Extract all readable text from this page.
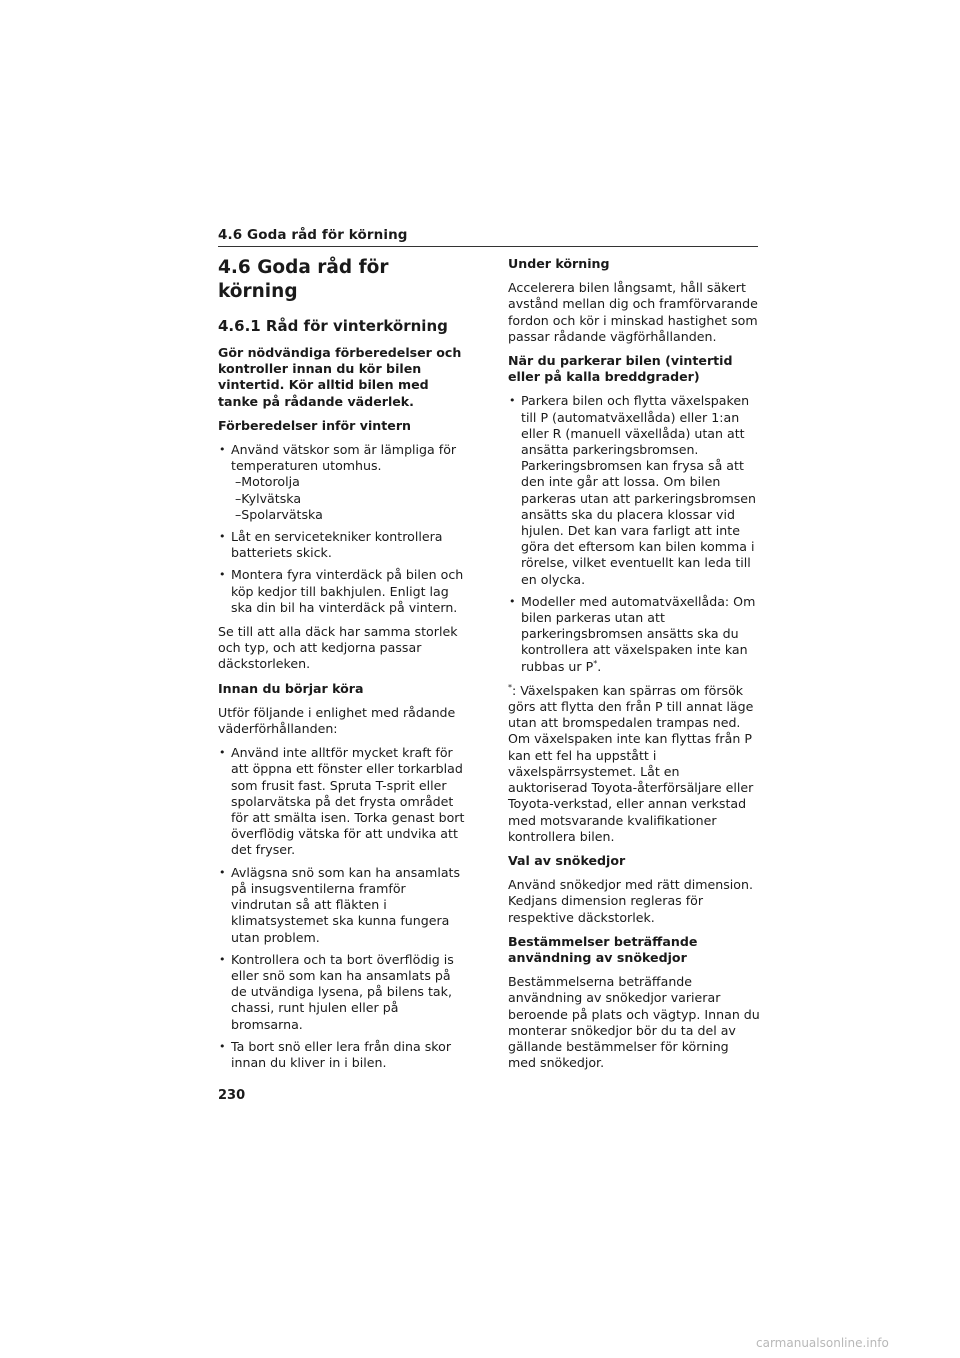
4.6 Goda råd för körning
4.6 Goda råd för körning
4.6.1 Råd för vinterkörning

Gör nödvändiga förberedelser och kontroller innan du kör bilen vintertid. Kör alltid bilen med tanke på rådande väderlek.

Förberedelser inför vintern

• Använd vätskor som är lämpliga för temperaturen utomhus.
– Motorolja
– Kylvätska
– Spolarvätska
• Låt en servicetekniker kontrollera batteriets skick.
• Montera fyra vinterdäck på bilen och köp kedjor till bakhjulen. Enligt lag ska din bil ha vinterdäck på vintern.

Se till att alla däck har samma storlek och typ, och att kedjorna passar däckstorleken.

Innan du börjar köra

Utför följande i enlighet med rådande väderförhållanden:

• Använd inte alltför mycket kraft för att öppna ett fönster eller torkarblad som frusit fast. Spruta T-sprit eller spolarvätska på det frysta området för att smälta isen. Torka genast bort överflödig vätska för att undvika att det fryser.
• Avlägsna snö som kan ha ansamlats på insugsventilerna framför vindrutan så att fläkten i klimatsystemet ska kunna fungera utan problem.
• Kontrollera och ta bort överflödig is eller snö som kan ha ansamlats på de utvändiga lysena, på bilens tak, chassi, runt hjulen eller på bromsarna.
• Ta bort snö eller lera från dina skor innan du kliver in i bilen.

Under körning

Accelerera bilen långsamt, håll säkert avstånd mellan dig och framförvarande fordon och kör i minskad hastighet som passar rådande vägförhållanden.

När du parkerar bilen (vintertid eller på kalla breddgrader)

• Parkera bilen och flytta växelspaken till P (automatväxellåda) eller 1:an eller R (manuell växellåda) utan att ansätta parkeringsbromsen. Parkeringsbromsen kan frysa så att den inte går att lossa. Om bilen parkeras utan att parkeringsbromsen ansätts ska du placera klossar vid hjulen. Det kan vara farligt att inte göra det eftersom kan bilen komma i rörelse, vilket eventuellt kan leda till en olycka.
• Modeller med automatväxellåda: Om bilen parkeras utan att parkeringsbromsen ansätts ska du kontrollera att växelspaken inte kan rubbas ur P*.

*: Växelspaken kan spärras om försök görs att flytta den från P till annat läge utan att bromspedalen trampas ned. Om växelspaken inte kan flyttas från P kan ett fel ha uppstått i växelspärrsystemet. Låt en auktoriserad Toyota-återförsäljare eller Toyota-verkstad, eller annan verkstad med motsvarande kvalifikationer kontrollera bilen.

Val av snökedjor

Använd snökedjor med rätt dimension. Kedjans dimension regleras för respektive däckstorlek.

Bestämmelser beträffande användning av snökedjor

Bestämmelserna beträffande användning av snökedjor varierar beroende på plats och vägtyp. Innan du monterar snökedjor bör du ta del av gällande bestämmelser för körning med snökedjor.

230
carmanualsonline.info
